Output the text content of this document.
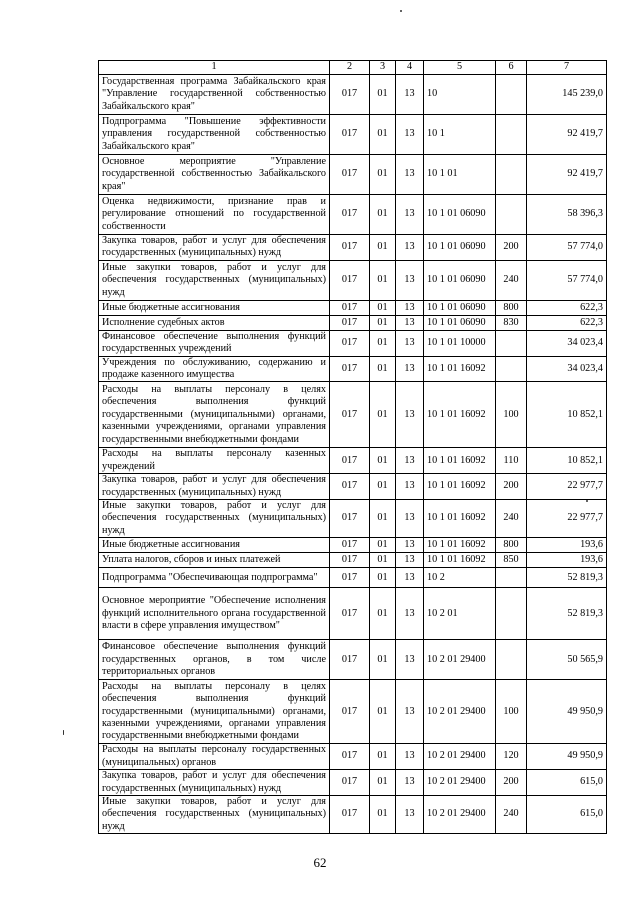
1	2	3	4	5	6	7
Государственная программа Забайкальского края "Управление государственной собственностью Забайкальского края"	017	01	13	10		145 239,0
Подпрограмма "Повышение эффективности управления государственной собственностью Забайкальского края"	017	01	13	10 1		92 419,7
Основное мероприятие "Управление государственной собственностью Забайкальского края"	017	01	13	10 1 01		92 419,7
Оценка недвижимости, признание прав и регулирование отношений по государственной собственности	017	01	13	10 1 01 06090		58 396,3
Закупка товаров, работ и услуг для обеспечения государственных (муниципальных) нужд	017	01	13	10 1 01 06090	200	57 774,0
Иные закупки товаров, работ и услуг для обеспечения государственных (муниципальных) нужд	017	01	13	10 1 01 06090	240	57 774,0
Иные бюджетные ассигнования	017	01	13	10 1 01 06090	800	622,3
Исполнение судебных актов	017	01	13	10 1 01 06090	830	622,3
Финансовое обеспечение выполнения функций государственных учреждений	017	01	13	10 1 01 10000		34 023,4
Учреждения по обслуживанию, содержанию и продаже казенного имущества	017	01	13	10 1 01 16092		34 023,4
Расходы на выплаты персоналу в целях обеспечения выполнения функций государственными (муниципальными) органами, казенными учреждениями, органами управления государственными внебюджетными фондами	017	01	13	10 1 01 16092	100	10 852,1
Расходы на выплаты персоналу казенных учреждений	017	01	13	10 1 01 16092	110	10 852,1
Закупка товаров, работ и услуг для обеспечения государственных (муниципальных) нужд	017	01	13	10 1 01 16092	200	22 977,7
Иные закупки товаров, работ и услуг для обеспечения государственных (муниципальных) нужд	017	01	13	10 1 01 16092	240	22 977,7
Иные бюджетные ассигнования	017	01	13	10 1 01 16092	800	193,6
Уплата налогов, сборов и иных платежей	017	01	13	10 1 01 16092	850	193,6
Подпрограмма "Обеспечивающая подпрограмма"	017	01	13	10 2		52 819,3
Основное мероприятие "Обеспечение исполнения функций исполнительного органа государственной власти в сфере управления имуществом"	017	01	13	10 2 01		52 819,3
Финансовое обеспечение выполнения функций государственных органов, в том числе территориальных органов	017	01	13	10 2 01 29400		50 565,9
Расходы на выплаты персоналу в целях обеспечения выполнения функций государственными (муниципальными) органами, казенными учреждениями, органами управления государственными внебюджетными фондами	017	01	13	10 2 01 29400	100	49 950,9
Расходы на выплаты персоналу государственных (муниципальных) органов	017	01	13	10 2 01 29400	120	49 950,9
Закупка товаров, работ и услуг для обеспечения государственных (муниципальных) нужд	017	01	13	10 2 01 29400	200	615,0
Иные закупки товаров, работ и услуг для обеспечения государственных (муниципальных) нужд	017	01	13	10 2 01 29400	240	615,0
62
